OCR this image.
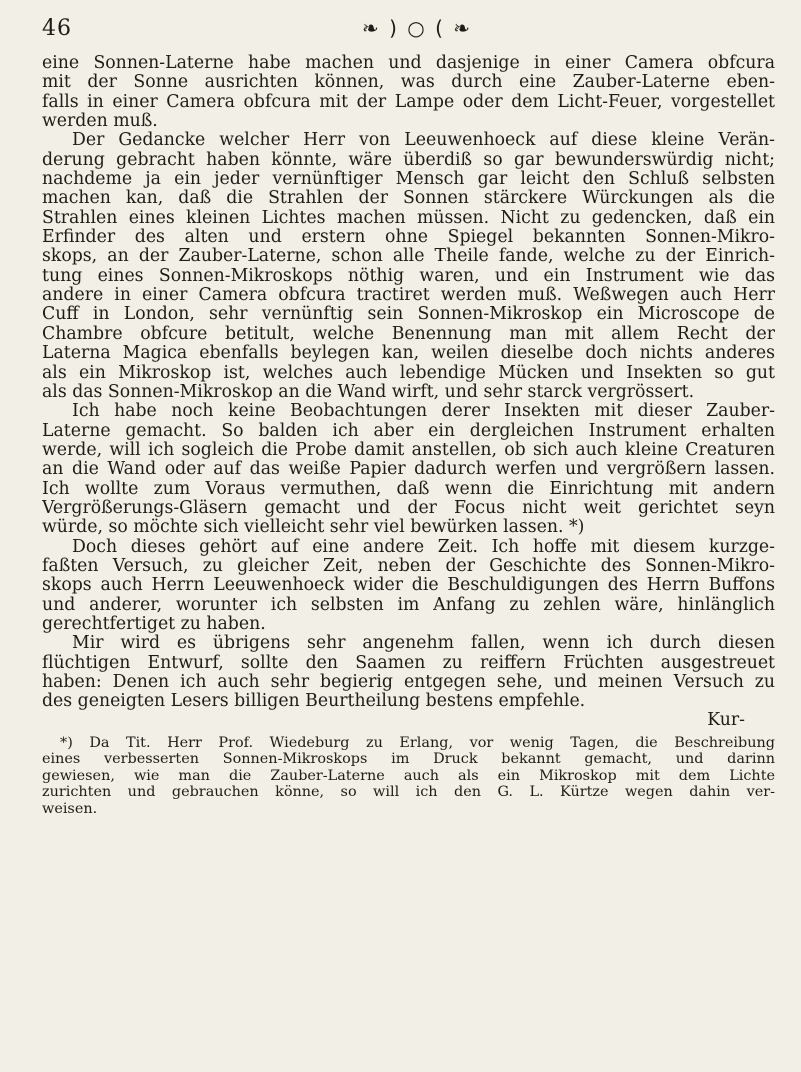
46	❧ ) ○ ( ❧
eine Sonnen-Laterne habe machen und dasjenige in einer Camera obfcura
mit der Sonne ausrichten können, was durch eine Zauber-Laterne eben-
falls in einer Camera obfcura mit der Lampe oder dem Licht-Feuer, vorgestellet
werden muß.
Der Gedancke welcher Herr von Leeuwenhoeck auf diese kleine Verän-
derung gebracht haben könnte, wäre überdiß so gar bewunderswürdig nicht;
nachdeme ja ein jeder vernünftiger Mensch gar leicht den Schluß selbsten
machen kan, daß die Strahlen der Sonnen stärckere Würckungen als die
Strahlen eines kleinen Lichtes machen müssen. Nicht zu gedencken, daß ein
Erfinder des alten und erstern ohne Spiegel bekannten Sonnen-Mikro-
skops, an der Zauber-Laterne, schon alle Theile fande, welche zu der Einrich-
tung eines Sonnen-Mikroskops nöthig waren, und ein Instrument wie das
andere in einer Camera obfcura tractiret werden muß. Weßwegen auch Herr
Cuff in London, sehr vernünftig sein Sonnen-Mikroskop ein Microscope de
Chambre obfcure betitult, welche Benennung man mit allem Recht der
Laterna Magica ebenfalls beylegen kan, weilen dieselbe doch nichts anderes
als ein Mikroskop ist, welches auch lebendige Mücken und Insekten so gut
als das Sonnen-Mikroskop an die Wand wirft, und sehr starck vergrössert.
Ich habe noch keine Beobachtungen derer Insekten mit dieser Zauber-
Laterne gemacht. So balden ich aber ein dergleichen Instrument erhalten
werde, will ich sogleich die Probe damit anstellen, ob sich auch kleine Creaturen
an die Wand oder auf das weiße Papier dadurch werfen und vergrößern lassen.
Ich wollte zum Voraus vermuthen, daß wenn die Einrichtung mit andern
Vergrößerungs-Gläsern gemacht und der Focus nicht weit gerichtet seyn
würde, so möchte sich vielleicht sehr viel bewürken lassen. *)
Doch dieses gehört auf eine andere Zeit. Ich hoffe mit diesem kurzge-
faßten Versuch, zu gleicher Zeit, neben der Geschichte des Sonnen-Mikro-
skops auch Herrn Leeuwenhoeck wider die Beschuldigungen des Herrn Buffons
und anderer, worunter ich selbsten im Anfang zu zehlen wäre, hinlänglich
gerechtfertiget zu haben.
Mir wird es übrigens sehr angenehm fallen, wenn ich durch diesen
flüchtigen Entwurf, sollte den Saamen zu reiffern Früchten ausgestreuet
haben: Denen ich auch sehr begierig entgegen sehe, und meinen Versuch zu
des geneigten Lesers billigen Beurtheilung bestens empfehle.
Kur-
*) Da Tit. Herr Prof. Wiedeburg zu Erlang, vor wenig Tagen, die Beschreibung
eines verbesserten Sonnen-Mikroskops im Druck bekannt gemacht, und darinn
gewiesen, wie man die Zauber-Laterne auch als ein Mikroskop mit dem Lichte
zurichten und gebrauchen könne, so will ich den G. L. Kürtze wegen dahin ver-
weisen.
